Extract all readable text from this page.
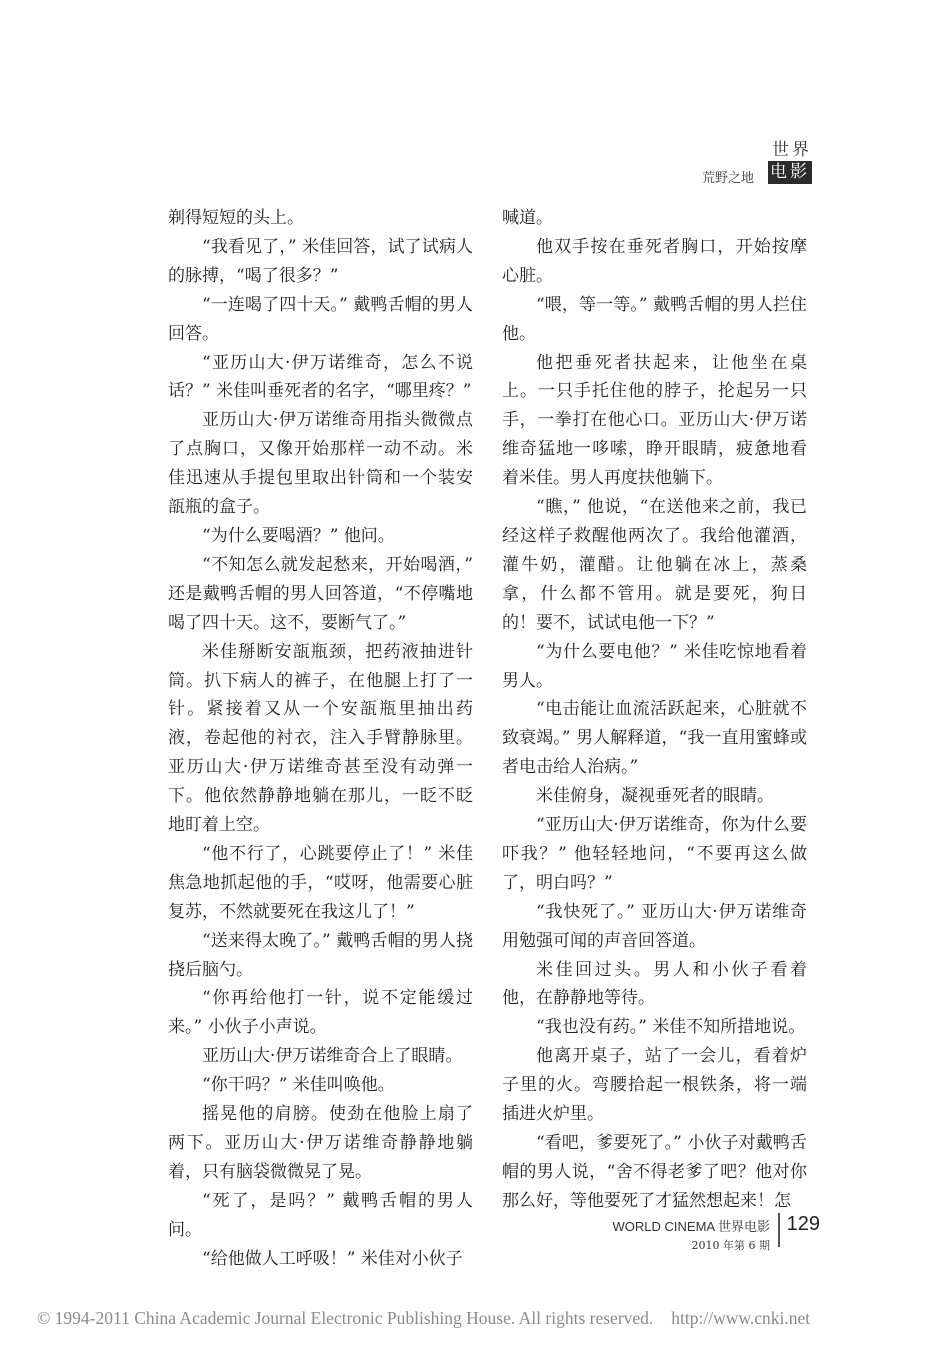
荒野之地
世界
电影

剃得短短的头上。

“我看见了，” 米佳回答，试了试病人的脉搏，“喝了很多？”

“一连喝了四十天。” 戴鸭舌帽的男人回答。

“亚历山大·伊万诺维奇，怎么不说话？” 米佳叫垂死者的名字，“哪里疼？”

亚历山大·伊万诺维奇用指头微微点了点胸口，又像开始那样一动不动。米佳迅速从手提包里取出针筒和一个装安瓿瓶的盒子。

“为什么要喝酒？” 他问。

“不知怎么就发起愁来，开始喝酒，” 还是戴鸭舌帽的男人回答道，“不停嘴地喝了四十天。这不，要断气了。”

米佳掰断安瓿瓶颈，把药液抽进针筒。扒下病人的裤子，在他腿上打了一针。紧接着又从一个安瓿瓶里抽出药液，卷起他的衬衣，注入手臂静脉里。亚历山大·伊万诺维奇甚至没有动弹一下。他依然静静地躺在那儿，一眨不眨地盯着上空。

“他不行了，心跳要停止了！” 米佳焦急地抓起他的手，“哎呀，他需要心脏复苏，不然就要死在我这儿了！”

“送来得太晚了。” 戴鸭舌帽的男人挠挠后脑勺。

“你再给他打一针，说不定能缓过来。” 小伙子小声说。

亚历山大·伊万诺维奇合上了眼睛。

“你干吗？” 米佳叫唤他。

摇晃他的肩膀。使劲在他脸上扇了两下。亚历山大·伊万诺维奇静静地躺着，只有脑袋微微晃了晃。

“死了，是吗？” 戴鸭舌帽的男人问。

“给他做人工呼吸！” 米佳对小伙子

喊道。

他双手按在垂死者胸口，开始按摩心脏。

“喂，等一等。” 戴鸭舌帽的男人拦住他。

他把垂死者扶起来，让他坐在桌上。一只手托住他的脖子，抡起另一只手，一拳打在他心口。亚历山大·伊万诺维奇猛地一哆嗦，睁开眼睛，疲惫地看着米佳。男人再度扶他躺下。

“瞧，” 他说，“在送他来之前，我已经这样子救醒他两次了。我给他灌酒，灌牛奶，灌醋。让他躺在冰上，蒸桑拿，什么都不管用。就是要死，狗日的！要不，试试电他一下？”

“为什么要电他？” 米佳吃惊地看着男人。

“电击能让血流活跃起来，心脏就不致衰竭。” 男人解释道，“我一直用蜜蜂或者电击给人治病。”

米佳俯身，凝视垂死者的眼睛。

“亚历山大·伊万诺维奇，你为什么要吓我？” 他轻轻地问，“不要再这么做了，明白吗？”

“我快死了。” 亚历山大·伊万诺维奇用勉强可闻的声音回答道。

米佳回过头。男人和小伙子看着他，在静静地等待。

“我也没有药。” 米佳不知所措地说。

他离开桌子，站了一会儿，看着炉子里的火。弯腰拾起一根铁条，将一端插进火炉里。

“看吧，爹要死了。” 小伙子对戴鸭舌帽的男人说，“舍不得老爹了吧？他对你那么好，等他要死了才猛然想起来！怎

WORLD CINEMA 世界电影
2010 年第 6 期
129
© 1994-2011 China Academic Journal Electronic Publishing House. All rights reserved. http://www.cnki.net
